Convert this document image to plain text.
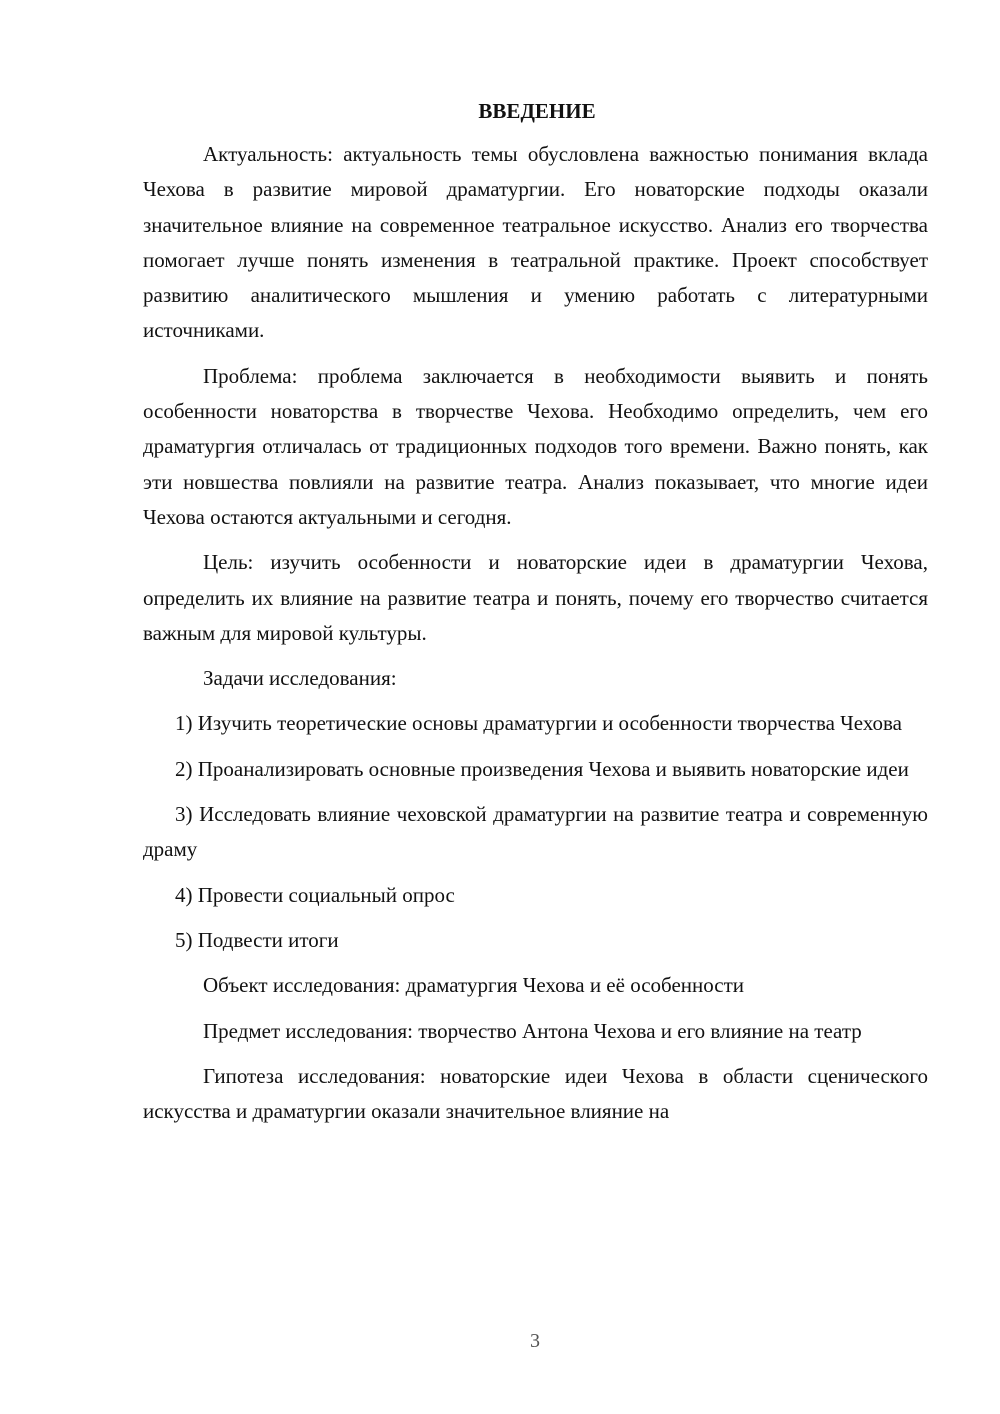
ВВЕДЕНИЕ

Актуальность: актуальность темы обусловлена важностью понимания вклада Чехова в развитие мировой драматургии. Его новаторские подходы оказали значительное влияние на современное театральное искусство. Анализ его творчества помогает лучше понять изменения в театральной практике. Проект способствует развитию аналитического мышления и умению работать с литературными источниками.

Проблема: проблема заключается в необходимости выявить и понять особенности новаторства в творчестве Чехова. Необходимо определить, чем его драматургия отличалась от традиционных подходов того времени. Важно понять, как эти новшества повлияли на развитие театра. Анализ показывает, что многие идеи Чехова остаются актуальными и сегодня.

Цель: изучить особенности и новаторские идеи в драматургии Чехова, определить их влияние на развитие театра и понять, почему его творчество считается важным для мировой культуры.

Задачи исследования:

1) Изучить теоретические основы драматургии и особенности творчества Чехова

2) Проанализировать основные произведения Чехова и выявить новаторские идеи

3) Исследовать влияние чеховской драматургии на развитие театра и современную драму

4) Провести социальный опрос

5) Подвести итоги

Объект исследования: драматургия Чехова и её особенности

Предмет исследования: творчество Антона Чехова и его влияние на театр

Гипотеза исследования: новаторские идеи Чехова в области сценического искусства и драматургии оказали значительное влияние на

3
